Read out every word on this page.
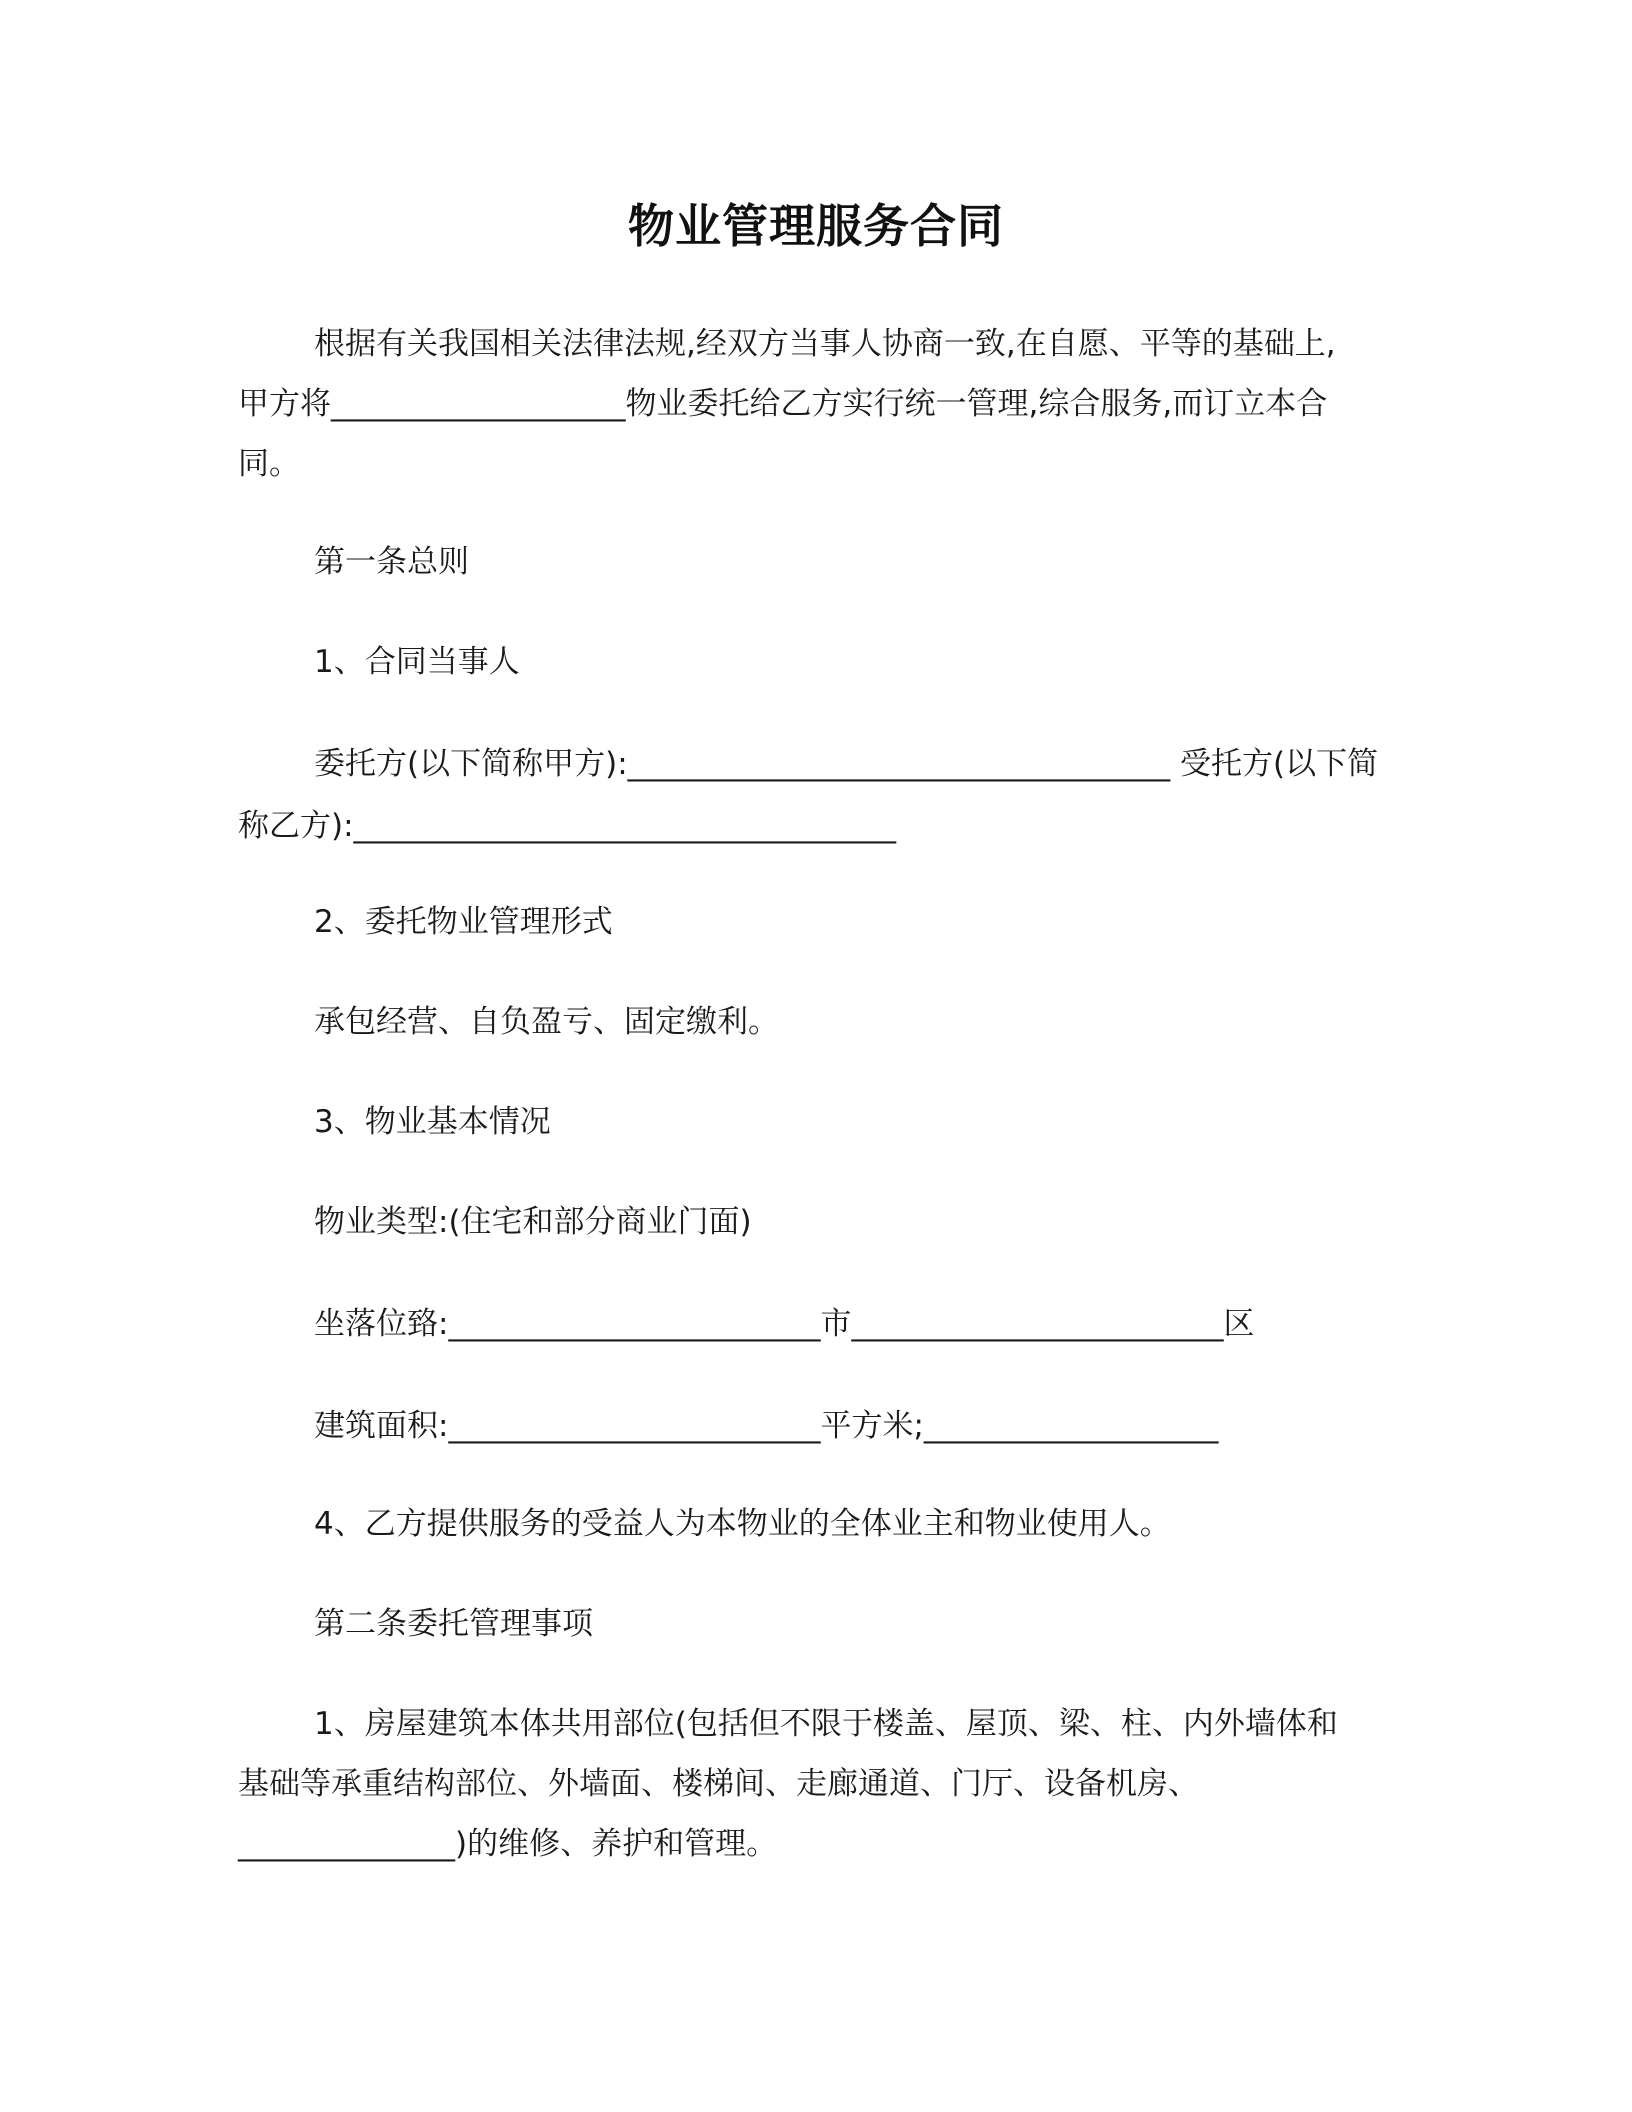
物业管理服务合同
根据有关我国相关法律法规,经双方当事人协商一致,在自愿、平等的基础上,
甲方将___________________物业委托给乙方实行统一管理,综合服务,而订立本合
同。
第一条总则
1、合同当事人
委托方(以下简称甲方):___________________________________ 受托方(以下简
称乙方):___________________________________
2、委托物业管理形式
承包经营、自负盈亏、固定缴利。
3、物业基本情况
物业类型:(住宅和部分商业门面)
坐落位臵:________________________市________________________区
建筑面积:________________________平方米;___________________
4、乙方提供服务的受益人为本物业的全体业主和物业使用人。
第二条委托管理事项
1、房屋建筑本体共用部位(包括但不限于楼盖、屋顶、梁、柱、内外墙体和
基础等承重结构部位、外墙面、楼梯间、走廊通道、门厅、设备机房、
______________)的维修、养护和管理。
